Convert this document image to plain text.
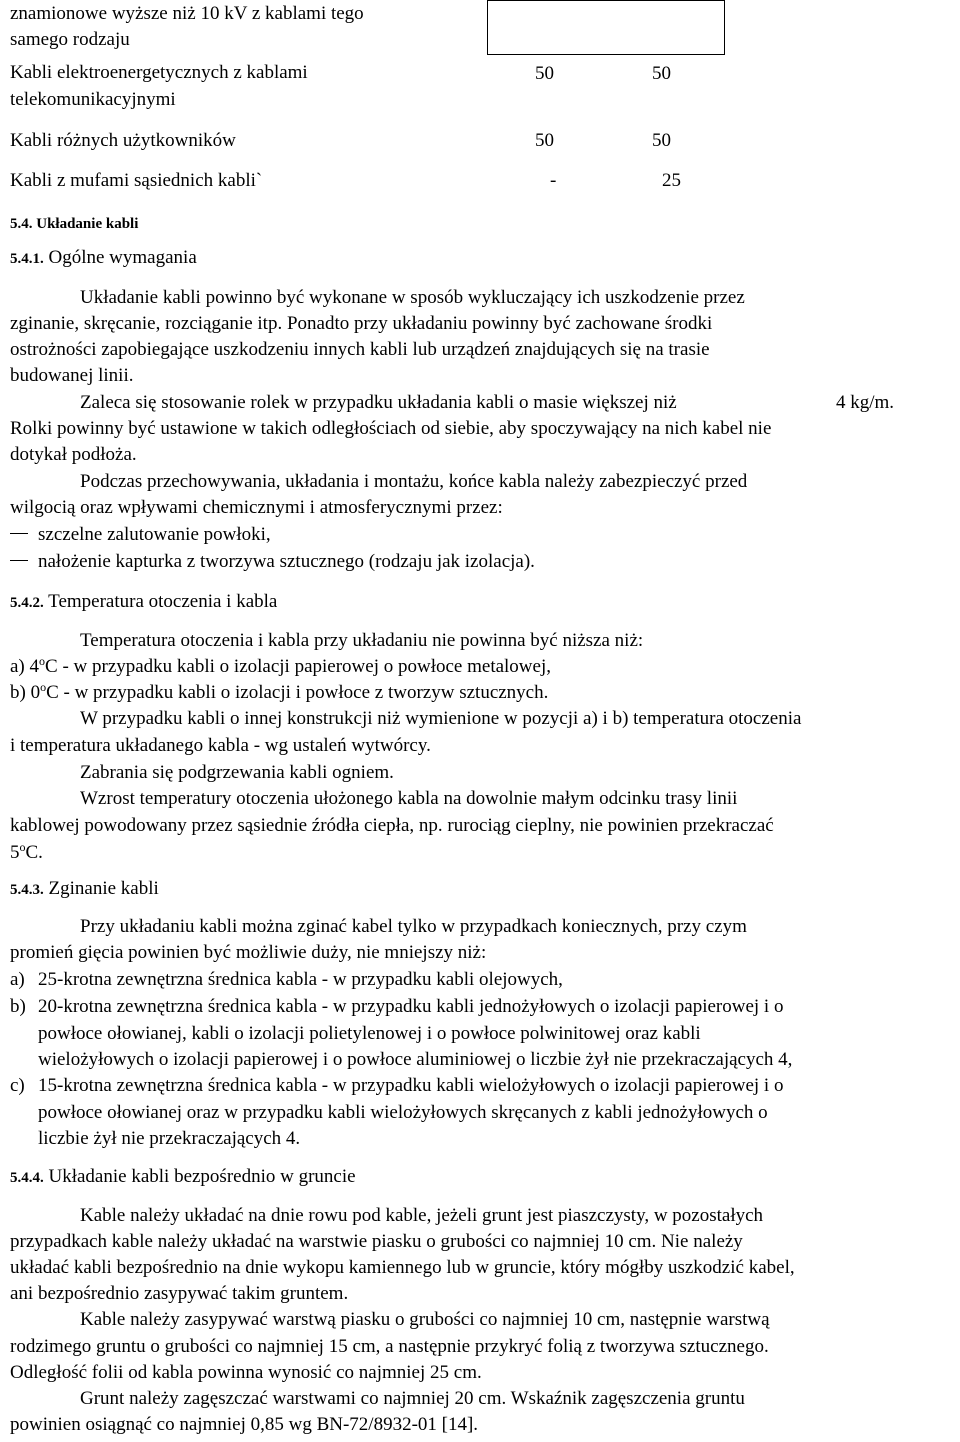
znamionowe wyższe niż 10 kV z kablami tego
samego rodzaju
Kabli elektroenergetycznych z kablami
telekomunikacyjnymi
50	50
Kabli różnych użytkowników	50	50
Kabli z mufami sąsiednich kabli`	-	25
5.4. Układanie kabli
5.4.1. Ogólne wymagania
Układanie kabli powinno być wykonane w sposób wykluczający ich uszkodzenie przez
zginanie, skręcanie, rozciąganie itp. Ponadto przy układaniu powinny być zachowane środki
ostrożności zapobiegające uszkodzeniu innych kabli lub urządzeń znajdujących się na trasie
budowanej linii.
Zaleca się stosowanie rolek w przypadku układania kabli o masie większej niż	4 kg/m.
Rolki powinny być ustawione w takich odległościach od siebie, aby spoczywający na nich kabel nie
dotykał podłoża.
Podczas przechowywania, układania i montażu, końce kabla należy zabezpieczyć przed
wilgocią oraz wpływami chemicznymi i atmosferycznymi przez:
szczelne zalutowanie powłoki,
nałożenie kapturka z tworzywa sztucznego (rodzaju jak izolacja).
5.4.2. Temperatura otoczenia i kabla
Temperatura otoczenia i kabla przy układaniu nie powinna być niższa niż:
a) 4$^o$C - w przypadku kabli o izolacji papierowej o powłoce metalowej,
b) 0$^o$C - w przypadku kabli o izolacji i powłoce z tworzyw sztucznych.
W przypadku kabli o innej konstrukcji niż wymienione w pozycji a) i b) temperatura otoczenia
i temperatura układanego kabla - wg ustaleń wytwórcy.
Zabrania się podgrzewania kabli ogniem.
Wzrost temperatury otoczenia ułożonego kabla na dowolnie małym odcinku trasy linii
kablowej powodowany przez sąsiednie źródła ciepła, np. rurociąg cieplny, nie powinien przekraczać
5$^o$C.
5.4.3. Zginanie kabli
Przy układaniu kabli można zginać kabel tylko w przypadkach koniecznych, przy czym
promień gięcia powinien być możliwie duży, nie mniejszy niż:
a) 25-krotna zewnętrzna średnica kabla - w przypadku kabli olejowych,
b) 20-krotna zewnętrzna średnica kabla - w przypadku kabli jednożyłowych o izolacji papierowej i o
powłoce ołowianej, kabli o izolacji polietylenowej i o powłoce polwinitowej oraz kabli
wielożyłowych o izolacji papierowej i o powłoce aluminiowej o liczbie żył nie przekraczających 4,
c) 15-krotna zewnętrzna średnica kabla - w przypadku kabli wielożyłowych o izolacji papierowej i o
powłoce ołowianej oraz w przypadku kabli wielożyłowych skręcanych z kabli jednożyłowych o
liczbie żył nie przekraczających 4.
5.4.4. Układanie kabli bezpośrednio w gruncie
Kable należy układać na dnie rowu pod kable, jeżeli grunt jest piaszczysty, w pozostałych
przypadkach kable należy układać na warstwie piasku o grubości co najmniej 10 cm. Nie należy
układać kabli bezpośrednio na dnie wykopu kamiennego lub w gruncie, który mógłby uszkodzić kabel,
ani bezpośrednio zasypywać takim gruntem.
Kable należy zasypywać warstwą piasku o grubości co najmniej 10 cm, następnie warstwą
rodzimego gruntu o grubości co najmniej 15 cm, a następnie przykryć folią z tworzywa sztucznego.
Odległość folii od kabla powinna wynosić co najmniej 25 cm.
Grunt należy zagęszczać warstwami co najmniej 20 cm. Wskaźnik zagęszczenia gruntu
powinien osiągnąć co najmniej 0,85 wg BN-72/8932-01 [14].
